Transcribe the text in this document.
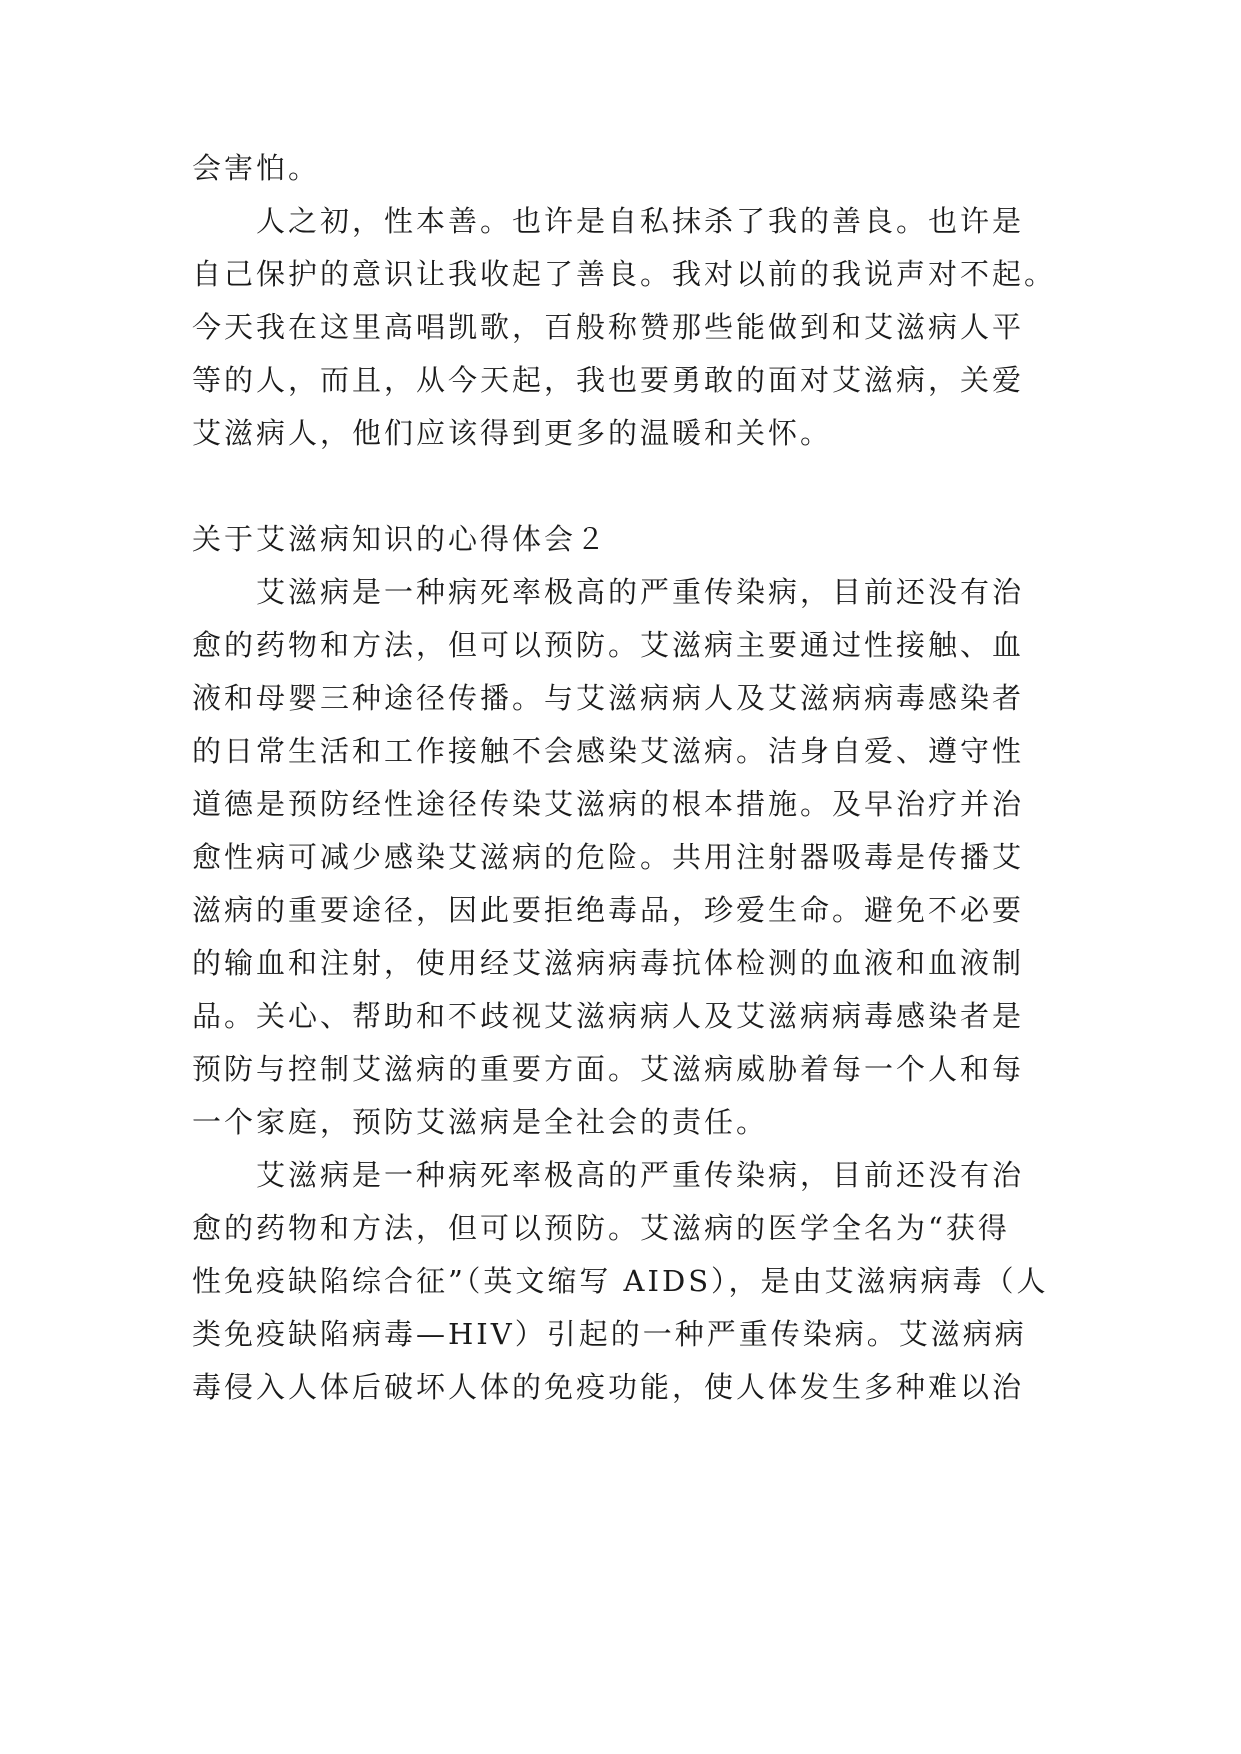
会害怕。

　　人之初，性本善。也许是自私抹杀了我的善良。也许是

自己保护的意识让我收起了善良。我对以前的我说声对不起。

今天我在这里高唱凯歌，百般称赞那些能做到和艾滋病人平

等的人，而且，从今天起，我也要勇敢的面对艾滋病，关爱

艾滋病人，他们应该得到更多的温暖和关怀。

关于艾滋病知识的心得体会２

　　艾滋病是一种病死率极高的严重传染病，目前还没有治

愈的药物和方法，但可以预防。艾滋病主要通过性接触、血

液和母婴三种途径传播。与艾滋病病人及艾滋病病毒感染者

的日常生活和工作接触不会感染艾滋病。洁身自爱、遵守性

道德是预防经性途径传染艾滋病的根本措施。及早治疗并治

愈性病可减少感染艾滋病的危险。共用注射器吸毒是传播艾

滋病的重要途径，因此要拒绝毒品，珍爱生命。避免不必要

的输血和注射，使用经艾滋病病毒抗体检测的血液和血液制

品。关心、帮助和不歧视艾滋病病人及艾滋病病毒感染者是

预防与控制艾滋病的重要方面。艾滋病威胁着每一个人和每

一个家庭，预防艾滋病是全社会的责任。

　　艾滋病是一种病死率极高的严重传染病，目前还没有治

愈的药物和方法，但可以预防。艾滋病的医学全名为“获得

性免疫缺陷综合征”（英文缩写 AIDS），是由艾滋病病毒（人

类免疫缺陷病毒—HIV）引起的一种严重传染病。艾滋病病

毒侵入人体后破坏人体的免疫功能，使人体发生多种难以治
